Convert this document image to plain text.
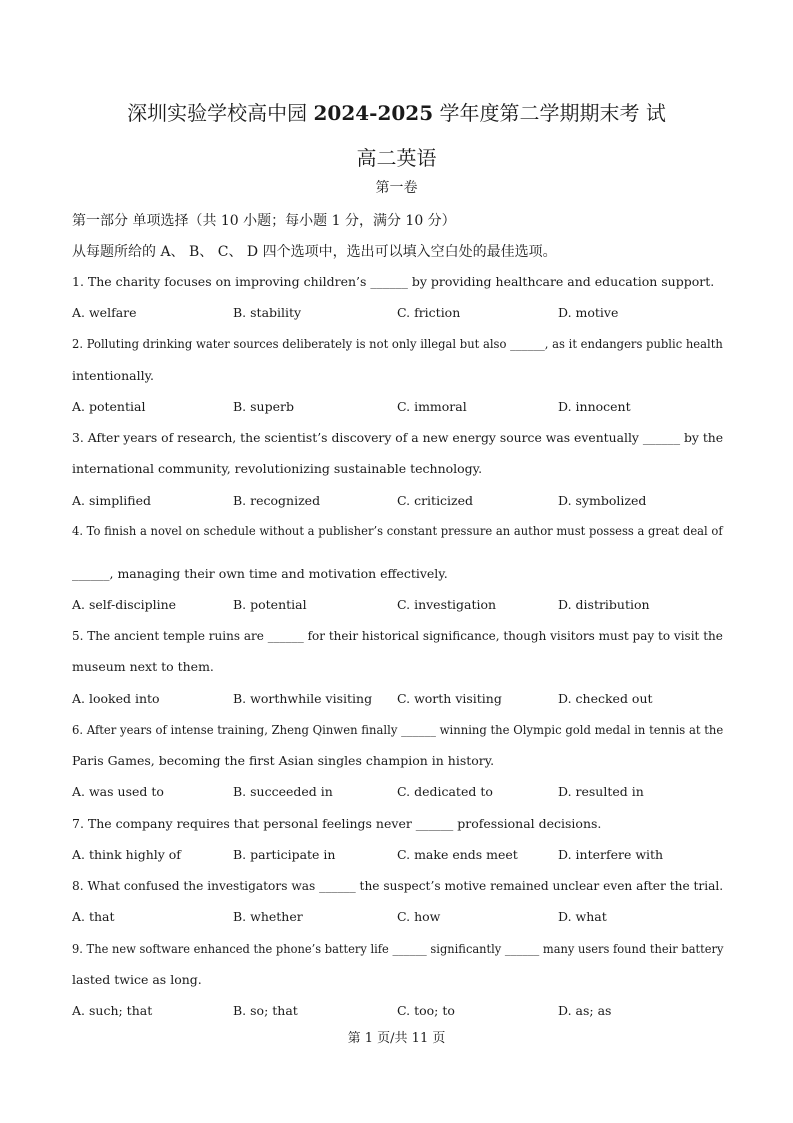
深圳实验学校高中园 2024-2025 学年度第二学期期末考 试
高二英语
第一卷
第一部分 单项选择（共 10 小题；每小题 1 分，满分 10 分）
从每题所给的 A、 B、 C、 D 四个选项中，选出可以填入空白处的最佳选项。
1. The charity focuses on improving children’s ______ by providing healthcare and education support.
A. welfare	B. stability	C. friction	D. motive
2. Polluting drinking water sources deliberately is not only illegal but also ______, as it endangers public health
intentionally.
A. potential	B. superb	C. immoral	D. innocent
3. After years of research, the scientist’s discovery of a new energy source was eventually ______ by the
international community, revolutionizing sustainable technology.
A. simplified	B. recognized	C. criticized	D. symbolized
4. To finish a novel on schedule without a publisher’s constant pressure an author must possess a great deal of
______, managing their own time and motivation effectively.
A. self-discipline	B. potential	C. investigation	D. distribution
5. The ancient temple ruins are ______ for their historical significance, though visitors must pay to visit the
museum next to them.
A. looked into	B. worthwhile visiting C. worth visiting	D. checked out
6. After years of intense training, Zheng Qinwen finally ______ winning the Olympic gold medal in tennis at the
Paris Games, becoming the first Asian singles champion in history.
A. was used to	B. succeeded in	C. dedicated to	D. resulted in
7. The company requires that personal feelings never ______ professional decisions.
A. think highly of	B. participate in	C. make ends meet	D. interfere with
8. What confused the investigators was ______ the suspect’s motive remained unclear even after the trial.
A. that	B. whether	C. how	D. what
9. The new software enhanced the phone’s battery life ______ significantly ______ many users found their battery
lasted twice as long.
A. such; that	B. so; that	C. too; to	D. as; as
第 1 页/共 11 页
